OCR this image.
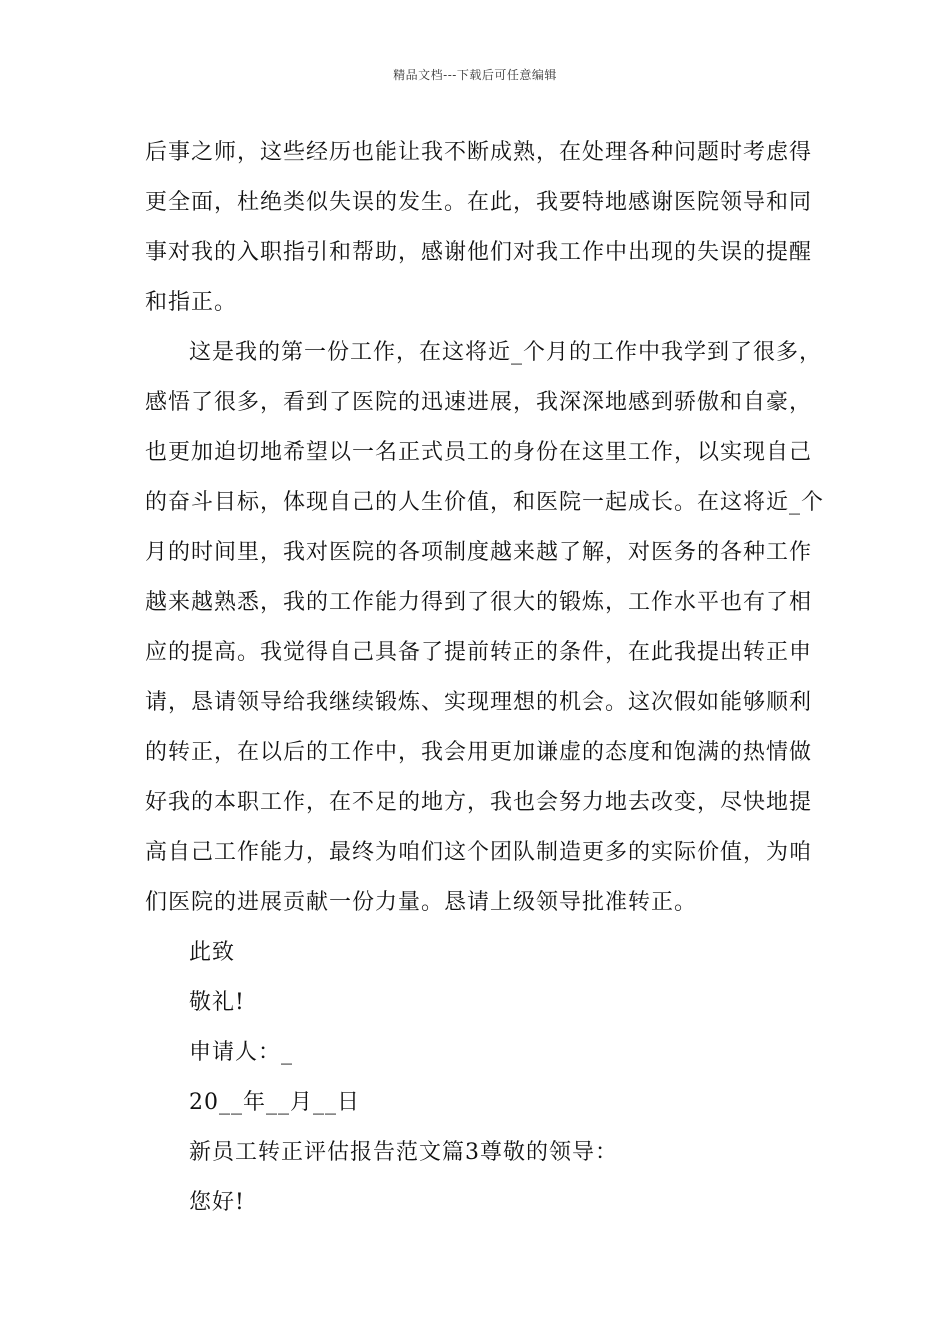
精品文档---下载后可任意编辑
后事之师，这些经历也能让我不断成熟，在处理各种问题时考虑得
更全面，杜绝类似失误的发生。在此，我要特地感谢医院领导和同
事对我的入职指引和帮助，感谢他们对我工作中出现的失误的提醒
和指正。
这是我的第一份工作，在这将近_个月的工作中我学到了很多，
感悟了很多，看到了医院的迅速进展，我深深地感到骄傲和自豪，
也更加迫切地希望以一名正式员工的身份在这里工作，以实现自己
的奋斗目标，体现自己的人生价值，和医院一起成长。在这将近_个
月的时间里，我对医院的各项制度越来越了解，对医务的各种工作
越来越熟悉，我的工作能力得到了很大的锻炼，工作水平也有了相
应的提高。我觉得自己具备了提前转正的条件，在此我提出转正申
请，恳请领导给我继续锻炼、实现理想的机会。这次假如能够顺利
的转正，在以后的工作中，我会用更加谦虚的态度和饱满的热情做
好我的本职工作，在不足的地方，我也会努力地去改变，尽快地提
高自己工作能力，最终为咱们这个团队制造更多的实际价值，为咱
们医院的进展贡献一份力量。恳请上级领导批准转正。
此致
敬礼!
申请人：_
20__年__月__日
新员工转正评估报告范文篇3尊敬的领导：
您好!
